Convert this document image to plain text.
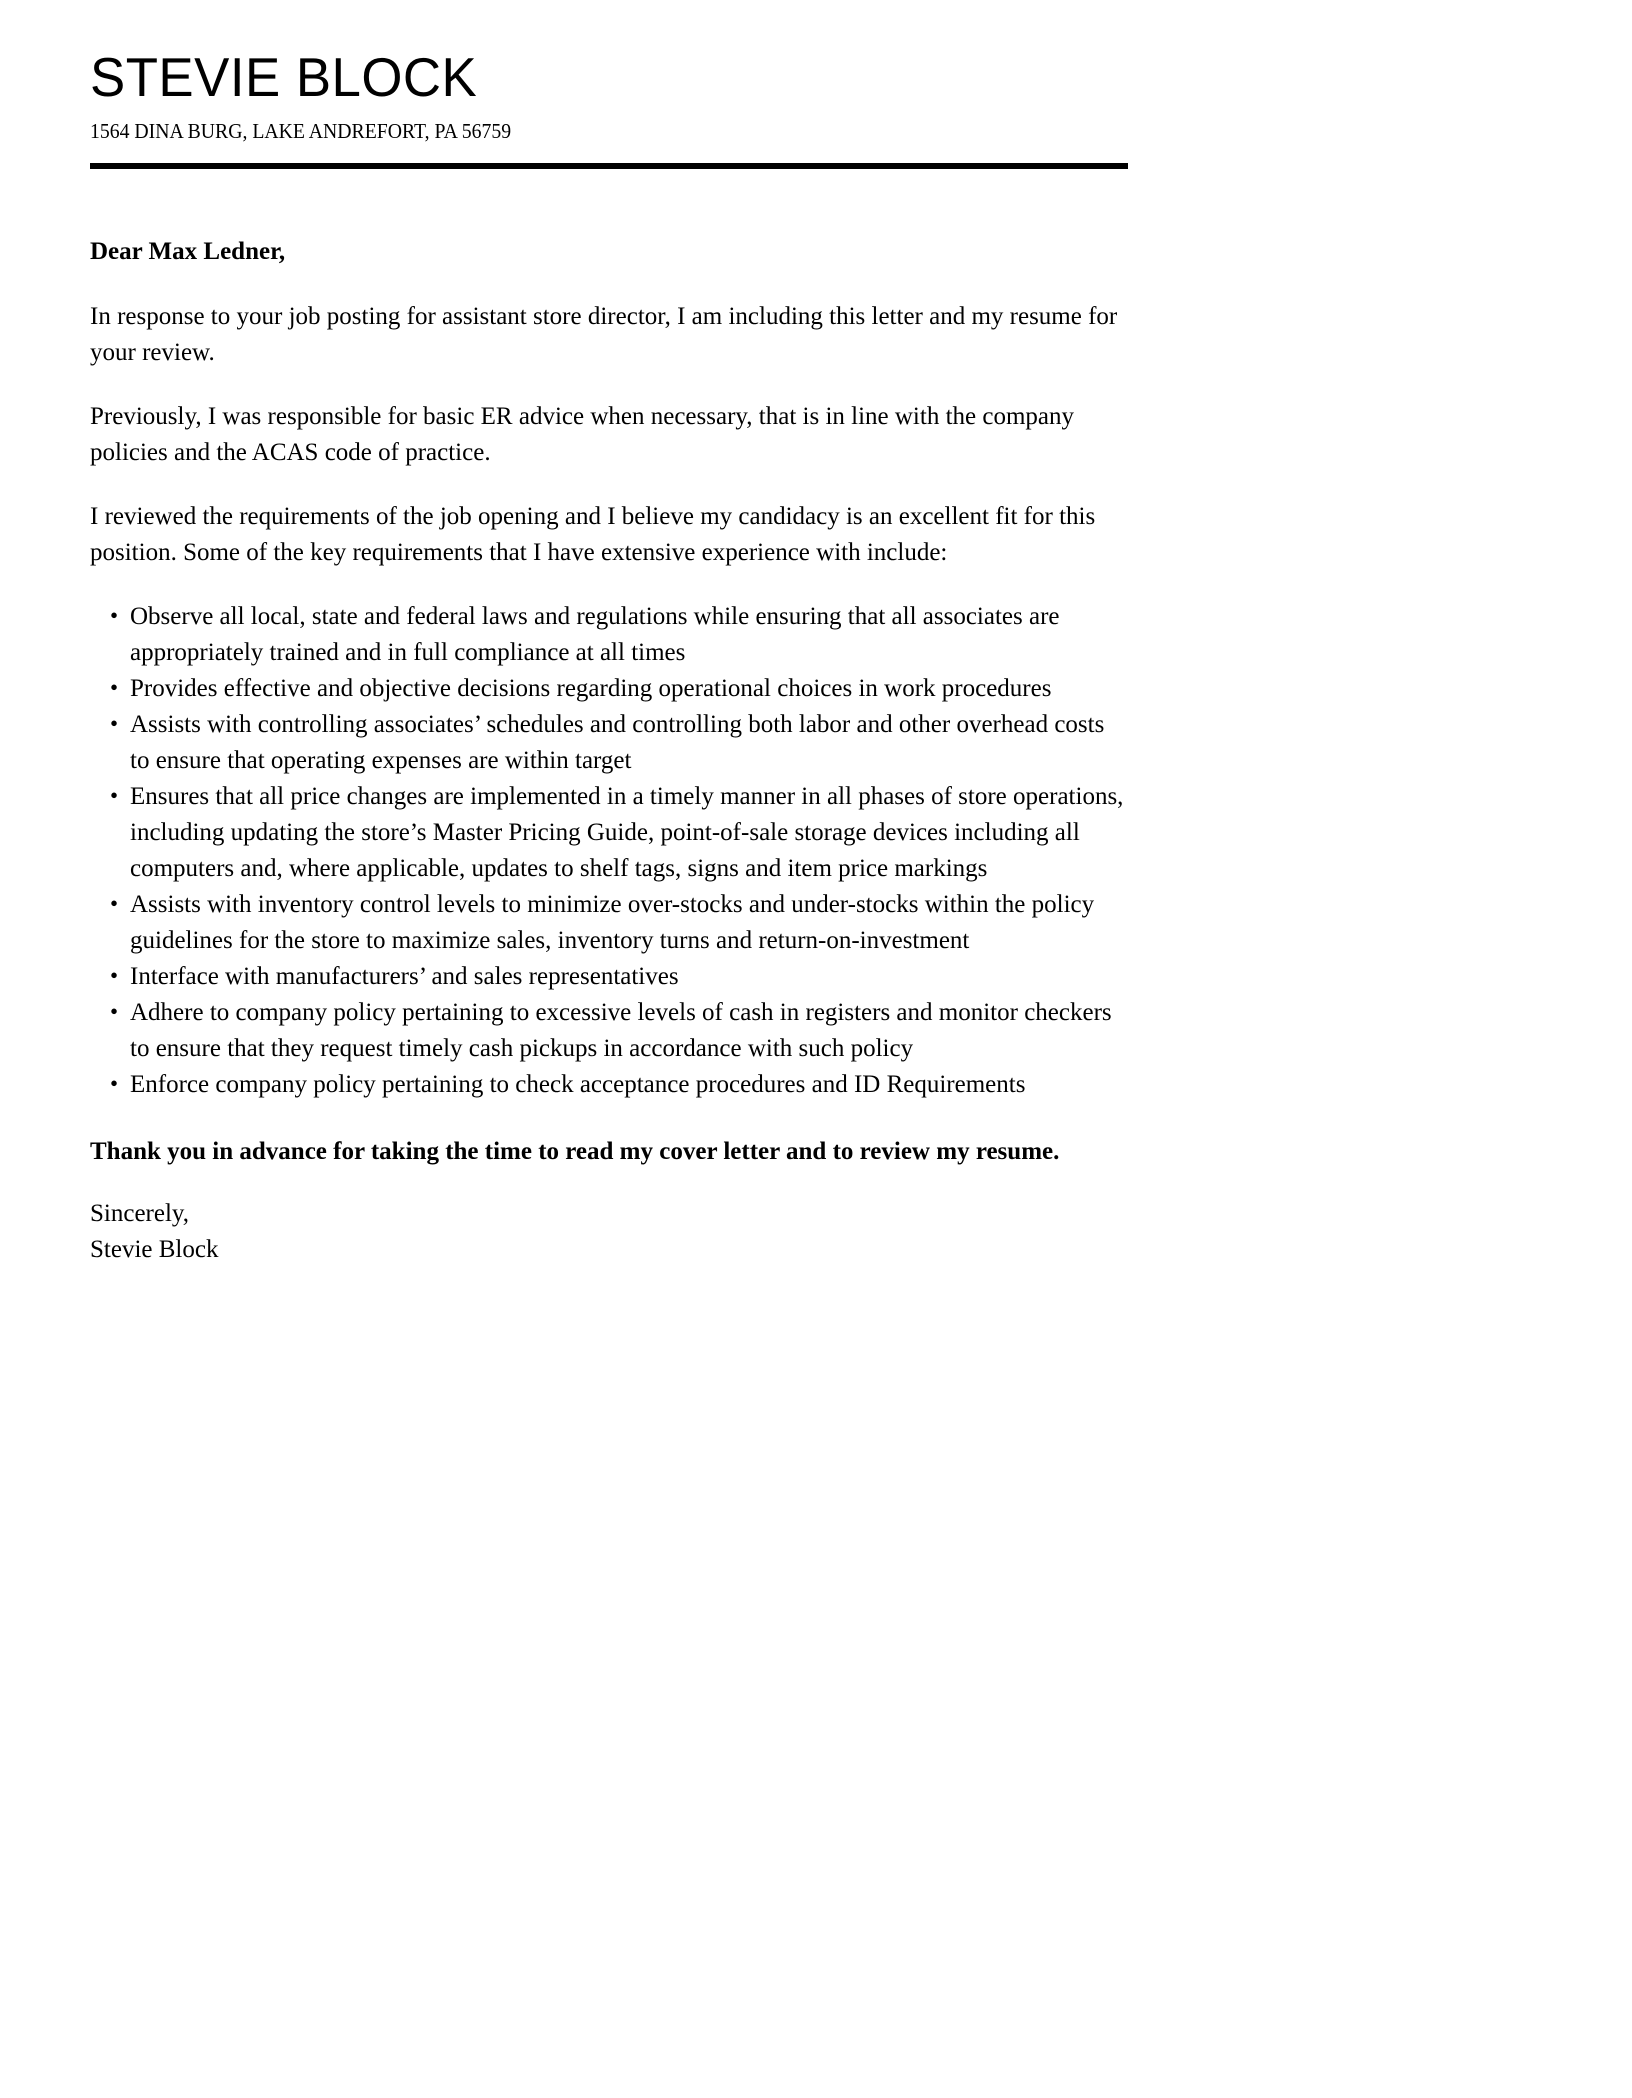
STEVIE BLOCK

1564 DINA BURG, LAKE ANDREFORT, PA 56759

Dear Max Ledner,

In response to your job posting for assistant store director, I am including this letter and my resume for your review.

Previously, I was responsible for basic ER advice when necessary, that is in line with the company policies and the ACAS code of practice.

I reviewed the requirements of the job opening and I believe my candidacy is an excellent fit for this position. Some of the key requirements that I have extensive experience with include:

• Observe all local, state and federal laws and regulations while ensuring that all associates are appropriately trained and in full compliance at all times
• Provides effective and objective decisions regarding operational choices in work procedures
• Assists with controlling associates’ schedules and controlling both labor and other overhead costs to ensure that operating expenses are within target
• Ensures that all price changes are implemented in a timely manner in all phases of store operations, including updating the store’s Master Pricing Guide, point-of-sale storage devices including all computers and, where applicable, updates to shelf tags, signs and item price markings
• Assists with inventory control levels to minimize over-stocks and under-stocks within the policy guidelines for the store to maximize sales, inventory turns and return-on-investment
• Interface with manufacturers’ and sales representatives
• Adhere to company policy pertaining to excessive levels of cash in registers and monitor checkers to ensure that they request timely cash pickups in accordance with such policy
• Enforce company policy pertaining to check acceptance procedures and ID Requirements

Thank you in advance for taking the time to read my cover letter and to review my resume.

Sincerely,

Stevie Block
